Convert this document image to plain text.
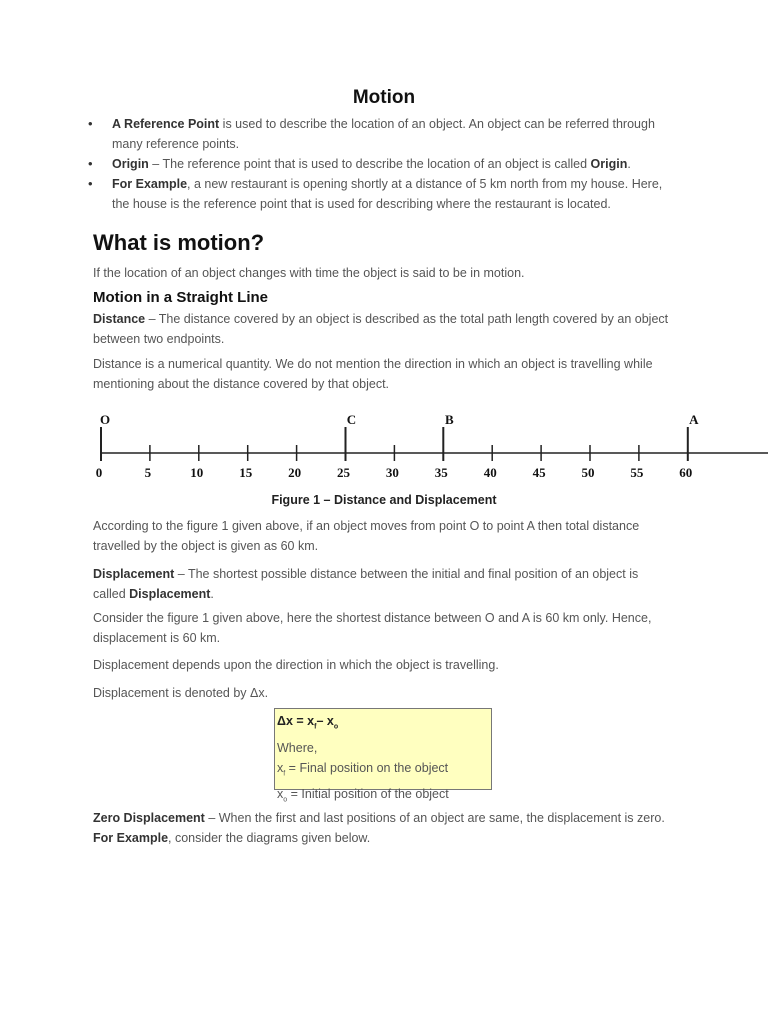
Motion
• A Reference Point is used to describe the location of an object. An object can be referred through many reference points.
• Origin – The reference point that is used to describe the location of an object is called Origin.
• For Example, a new restaurant is opening shortly at a distance of 5 km north from my house. Here, the house is the reference point that is used for describing where the restaurant is located.
What is motion?

If the location of an object changes with time the object is said to be in motion.

Motion in a Straight Line

Distance – The distance covered by an object is described as the total path length covered by an object between two endpoints.

Distance is a numerical quantity. We do not mention the direction in which an object is travelling while mentioning about the distance covered by that object.

0	5	10	15	20	25	30	35	40	45	50	55	60
O	C	B	A
Figure 1 – Distance and Displacement

According to the figure 1 given above, if an object moves from point O to point A then total distance travelled by the object is given as 60 km.

Displacement – The shortest possible distance between the initial and final position of an object is called Displacement.

Consider the figure 1 given above, here the shortest distance between O and A is 60 km only. Hence, displacement is 60 km.

Displacement depends upon the direction in which the object is travelling.

Displacement is denoted by Δx.

$\Delta x = x_f-$ $x_o$
Where,
$x_f$ = Final position on the object
$x_o$ = Initial position of the object

Zero Displacement – When the first and last positions of an object are same, the displacement is zero.
For Example, consider the diagrams given below.
